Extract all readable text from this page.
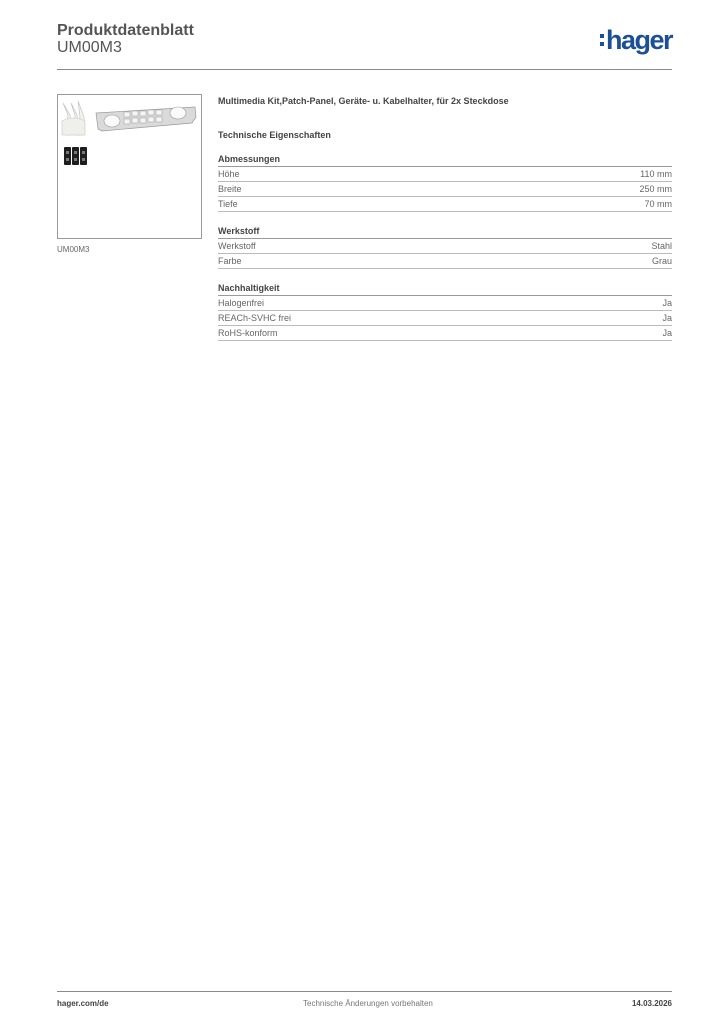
Produktdatenblatt
UM00M3	hager
UM00M3
Multimedia Kit,Patch-Panel, Geräte- u. Kabelhalter, für 2x Steckdose
Technische Eigenschaften
Abmessungen
Höhe	110 mm
Breite	250 mm
Tiefe	70 mm
Werkstoff
Werkstoff	Stahl
Farbe	Grau
Nachhaltigkeit
Halogenfrei	Ja
REACh-SVHC frei	Ja
RoHS-konform	Ja
hager.com/de	Technische Änderungen vorbehalten	14.03.2026
